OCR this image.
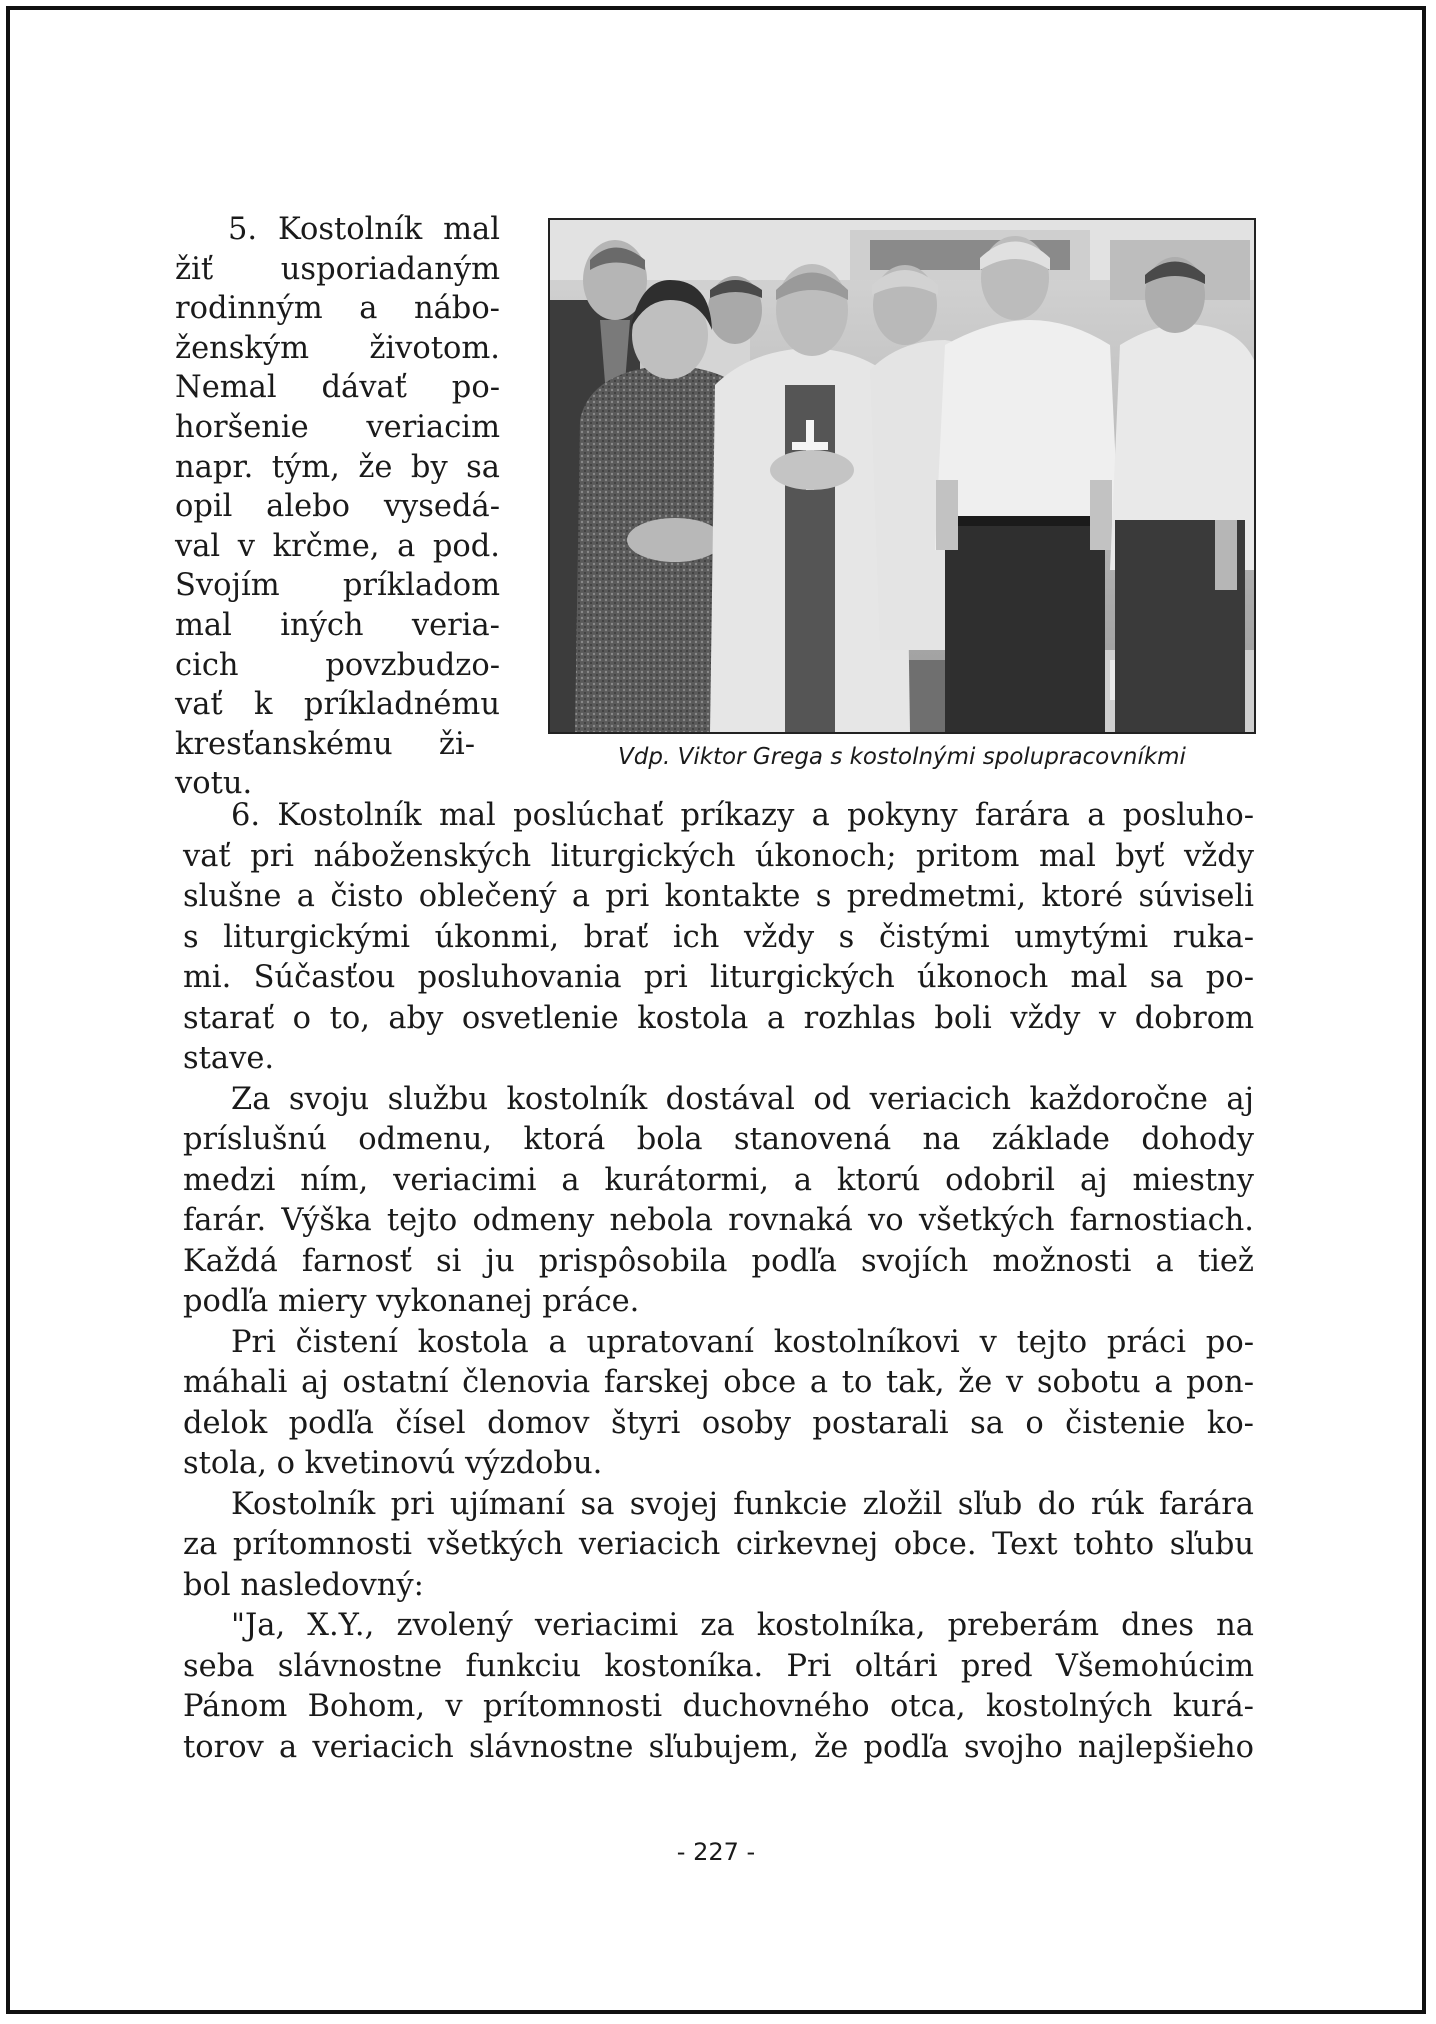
5. Kostolník mal
žiť usporiadaným
rodinným a nábo-
ženským životom.
Nemal dávať po-
horšenie veriacim
napr. tým, že by sa
opil alebo vysedá-
val v krčme, a pod.
Svojím príkladom
mal iných veria-
cich povzbudzo-
vať k príkladnému
kresťanskému ži-
votu.
Vdp. Viktor Grega s kostolnými spolupracovníkmi
6. Kostolník mal poslúchať príkazy a pokyny farára a posluho-
vať pri náboženských liturgických úkonoch; pritom mal byť vždy
slušne a čisto oblečený a pri kontakte s predmetmi, ktoré súviseli
s liturgickými úkonmi, brať ich vždy s čistými umytými ruka-
mi. Súčasťou posluhovania pri liturgických úkonoch mal sa po-
starať o to, aby osvetlenie kostola a rozhlas boli vždy v dobrom
stave.
Za svoju službu kostolník dostával od veriacich každoročne aj
príslušnú odmenu, ktorá bola stanovená na základe dohody
medzi ním, veriacimi a kurátormi, a ktorú odobril aj miestny
farár. Výška tejto odmeny nebola rovnaká vo všetkých farnostiach.
Každá farnosť si ju prispôsobila podľa svojích možnosti a tiež
podľa miery vykonanej práce.
Pri čistení kostola a upratovaní kostolníkovi v tejto práci po-
máhali aj ostatní členovia farskej obce a to tak, že v sobotu a pon-
delok podľa čísel domov štyri osoby postarali sa o čistenie ko-
stola, o kvetinovú výzdobu.
Kostolník pri ujímaní sa svojej funkcie zložil sľub do rúk farára
za prítomnosti všetkých veriacich cirkevnej obce. Text tohto sľubu
bol nasledovný:
"Ja, X.Y., zvolený veriacimi za kostolníka, preberám dnes na
seba slávnostne funkciu kostoníka. Pri oltári pred Všemohúcim
Pánom Bohom, v prítomnosti duchovného otca, kostolných kurá-
torov a veriacich slávnostne sľubujem, že podľa svojho najlepšieho
- 227 -
